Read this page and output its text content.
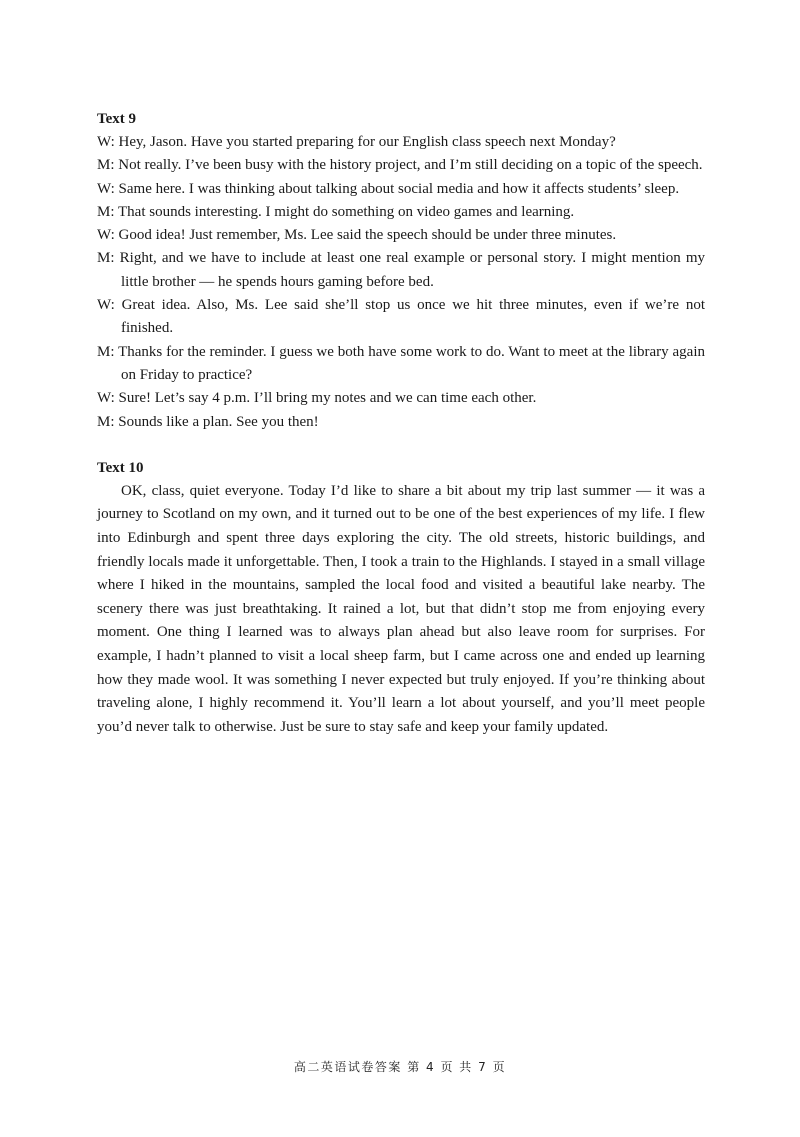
Text 9

W: Hey, Jason. Have you started preparing for our English class speech next Monday?

M: Not really. I’ve been busy with the history project, and I’m still deciding on a topic of the speech.

W: Same here. I was thinking about talking about social media and how it affects students’ sleep.

M: That sounds interesting. I might do something on video games and learning.

W: Good idea! Just remember, Ms. Lee said the speech should be under three minutes.

M: Right, and we have to include at least one real example or personal story. I might mention my little brother — he spends hours gaming before bed.

W: Great idea. Also, Ms. Lee said she’ll stop us once we hit three minutes, even if we’re not finished.

M: Thanks for the reminder. I guess we both have some work to do. Want to meet at the library again on Friday to practice?

W: Sure! Let’s say 4 p.m. I’ll bring my notes and we can time each other.

M: Sounds like a plan. See you then!

Text 10

OK, class, quiet everyone. Today I’d like to share a bit about my trip last summer — it was a journey to Scotland on my own, and it turned out to be one of the best experiences of my life. I flew into Edinburgh and spent three days exploring the city. The old streets, historic buildings, and friendly locals made it unforgettable. Then, I took a train to the Highlands. I stayed in a small village where I hiked in the mountains, sampled the local food and visited a beautiful lake nearby. The scenery there was just breathtaking. It rained a lot, but that didn’t stop me from enjoying every moment. One thing I learned was to always plan ahead but also leave room for surprises. For example, I hadn’t planned to visit a local sheep farm, but I came across one and ended up learning how they made wool. It was something I never expected but truly enjoyed. If you’re thinking about traveling alone, I highly recommend it. You’ll learn a lot about yourself, and you’ll meet people you’d never talk to otherwise. Just be sure to stay safe and keep your family updated.

高二英语试卷答案 第 4 页 共 7 页
